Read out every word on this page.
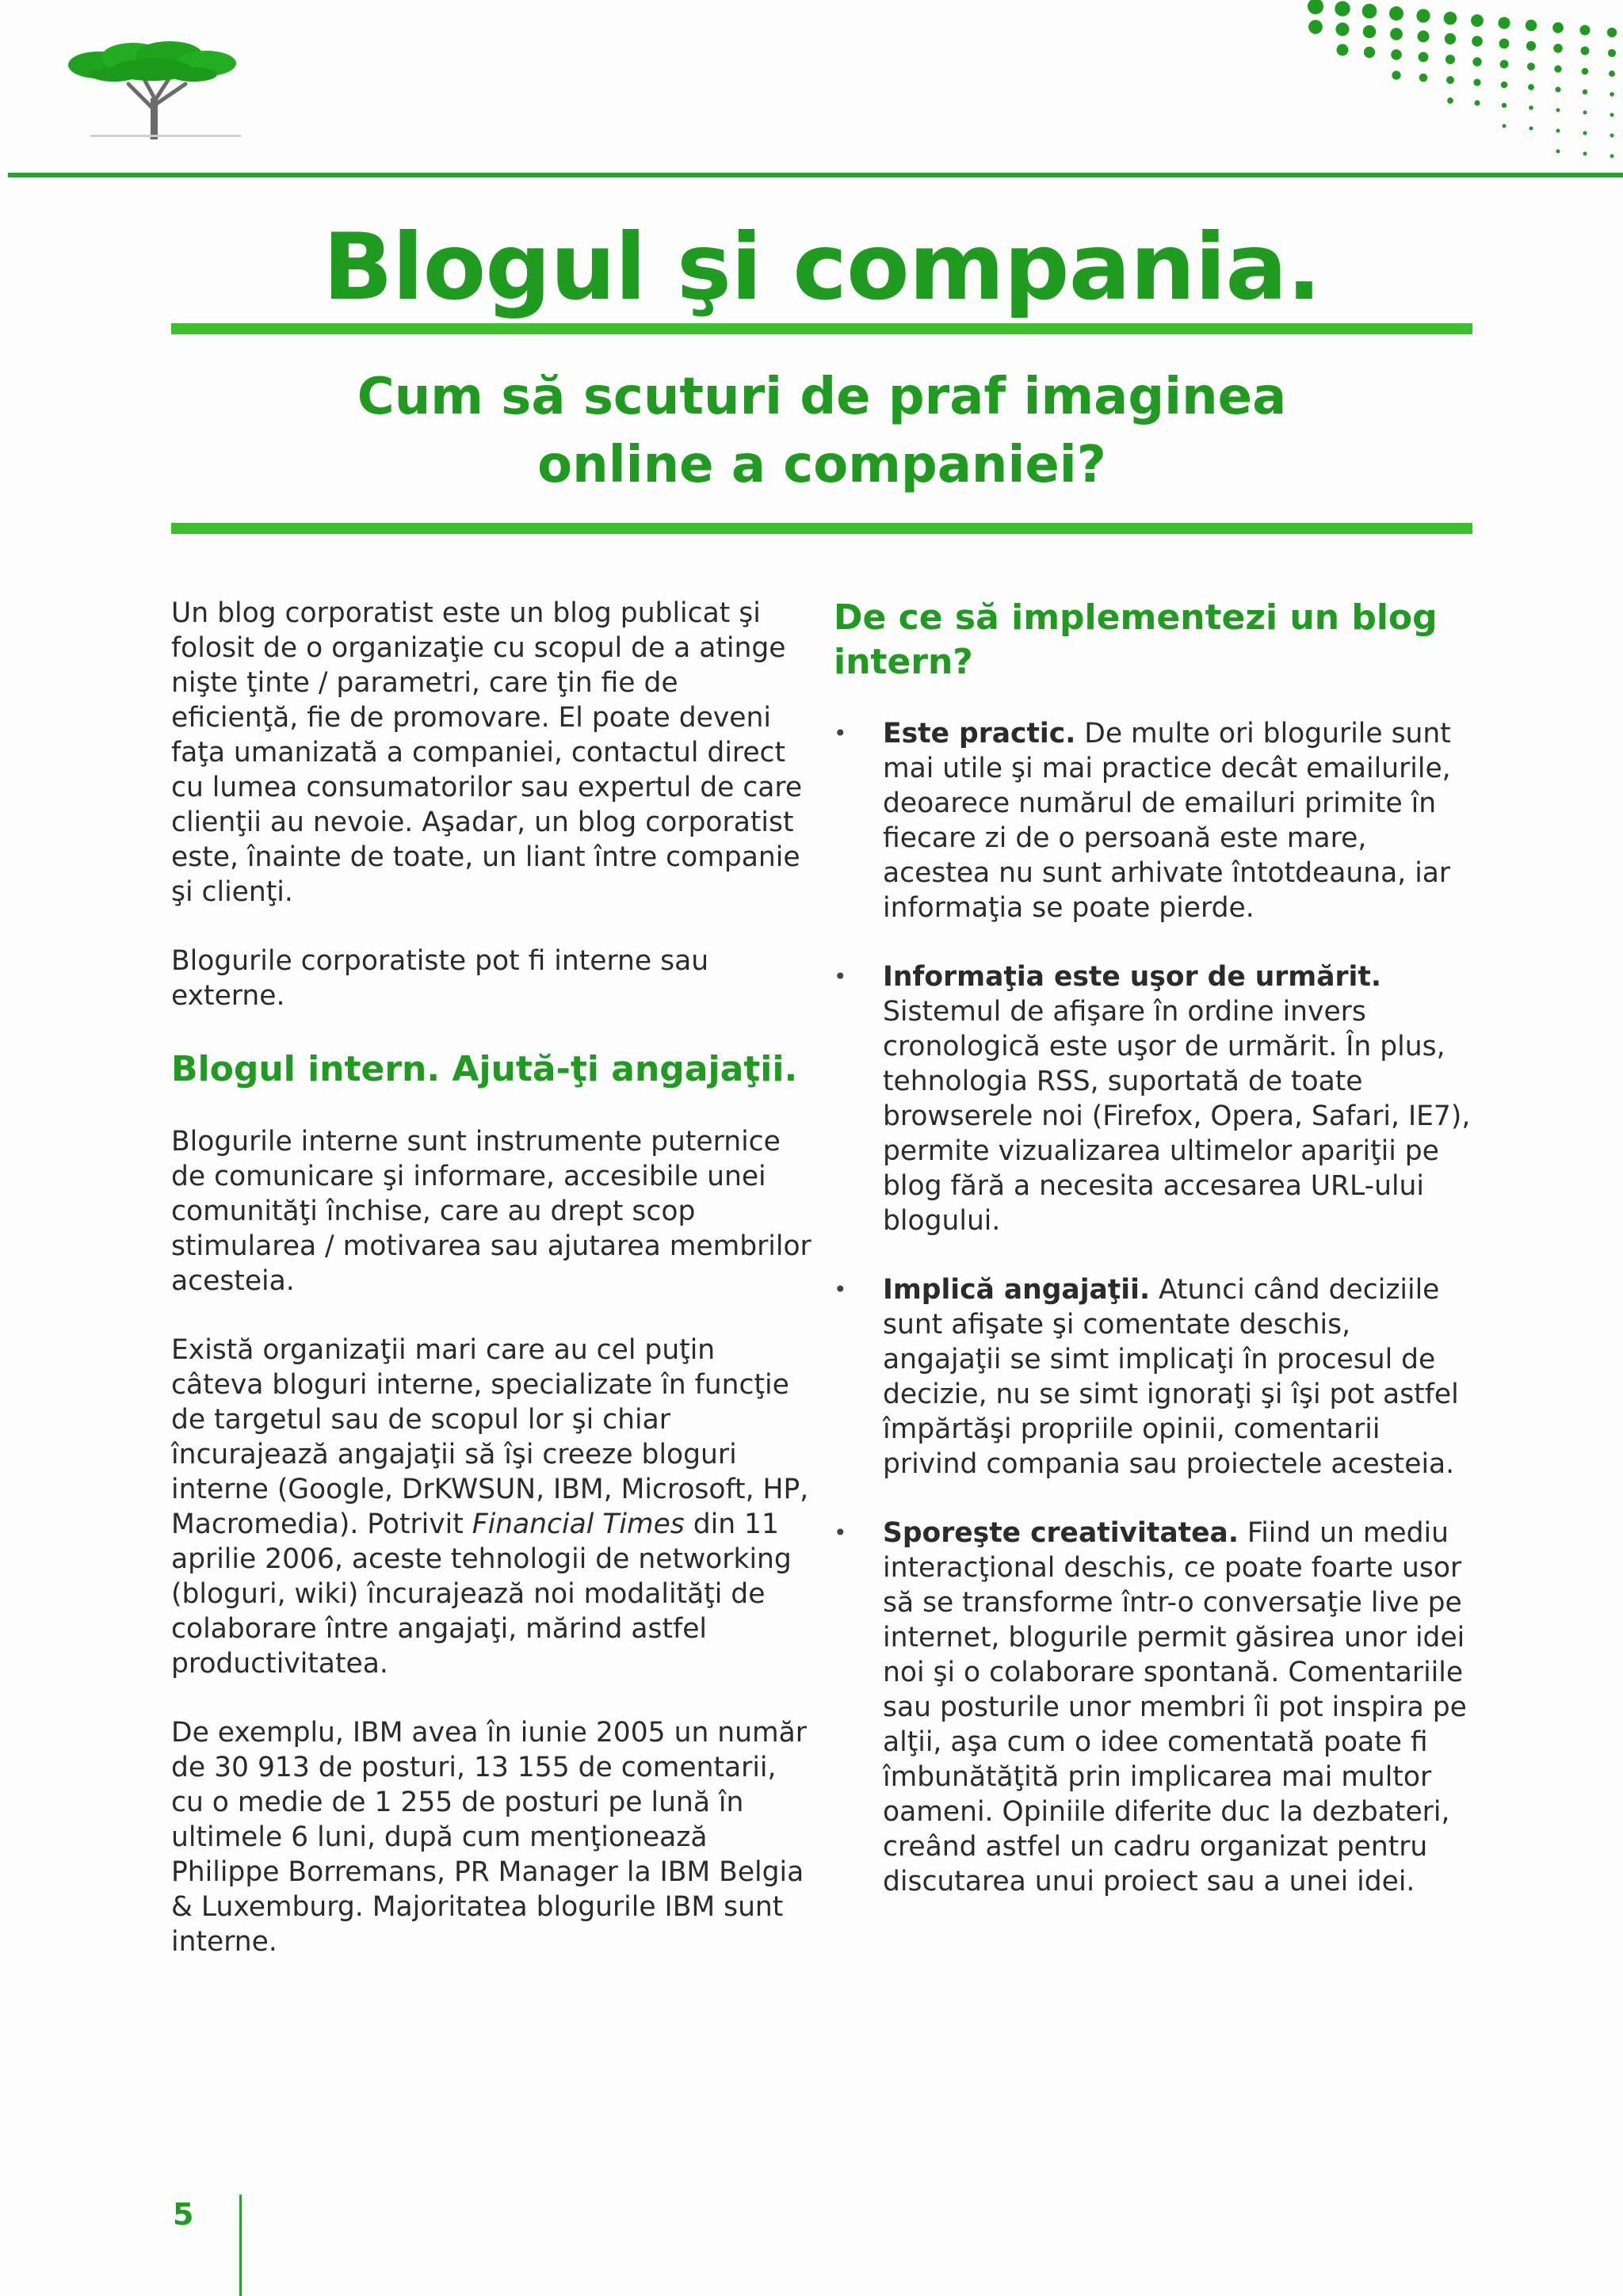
Blogul şi compania.
Cum să scuturi de praf imaginea online a companiei?

Un blog corporatist este un blog publicat şi folosit de o organizaţie cu scopul de a atinge nişte ţinte / parametri, care ţin fie de eficienţă, fie de promovare. El poate deveni faţa umanizată a companiei, contactul direct cu lumea consumatorilor sau expertul de care clienţii au nevoie. Aşadar, un blog corporatist este, înainte de toate, un liant între companie şi clienţi.

Blogurile corporatiste pot fi interne sau externe.

Blogul intern. Ajută-ţi angajaţii.

Blogurile interne sunt instrumente puternice de comunicare şi informare, accesibile unei comunităţi închise, care au drept scop stimularea / motivarea sau ajutarea membrilor acesteia.

Există organizaţii mari care au cel puţin câteva bloguri interne, specializate în funcţie de targetul sau de scopul lor şi chiar încurajează angajaţii să îşi creeze bloguri interne (Google, DrKWSUN, IBM, Microsoft, HP, Macromedia). Potrivit Financial Times din 11 aprilie 2006, aceste tehnologii de networking (bloguri, wiki) încurajează noi modalităţi de colaborare între angajaţi, mărind astfel productivitatea.

De exemplu, IBM avea în iunie 2005 un număr de 30 913 de posturi, 13 155 de comentarii, cu o medie de 1 255 de posturi pe lună în ultimele 6 luni, după cum menţionează Philippe Borremans, PR Manager la IBM Belgia & Luxemburg. Majoritatea blogurile IBM sunt interne.

De ce să implementezi un blog intern?
• Este practic. De multe ori blogurile sunt mai utile şi mai practice decât emailurile, deoarece numărul de emailuri primite în fiecare zi de o persoană este mare, acestea nu sunt arhivate întotdeauna, iar informaţia se poate pierde.
• Informaţia este uşor de urmărit. Sistemul de afişare în ordine invers cronologică este uşor de urmărit. În plus, tehnologia RSS, suportată de toate browserele noi (Firefox, Opera, Safari, IE7), permite vizualizarea ultimelor apariţii pe blog fără a necesita accesarea URL-ului blogului.
• Implică angajaţii. Atunci când deciziile sunt afişate şi comentate deschis, angajaţii se simt implicaţi în procesul de decizie, nu se simt ignoraţi şi îşi pot astfel împărtăşi propriile opinii, comentarii privind compania sau proiectele acesteia.
• Sporeşte creativitatea. Fiind un mediu interacţional deschis, ce poate foarte usor să se transforme într-o conversaţie live pe internet, blogurile permit găsirea unor idei noi şi o colaborare spontană. Comentariile sau posturile unor membri îi pot inspira pe alţii, aşa cum o idee comentată poate fi îmbunătăţită prin implicarea mai multor oameni. Opiniile diferite duc la dezbateri, creând astfel un cadru organizat pentru discutarea unui proiect sau a unei idei.
5
